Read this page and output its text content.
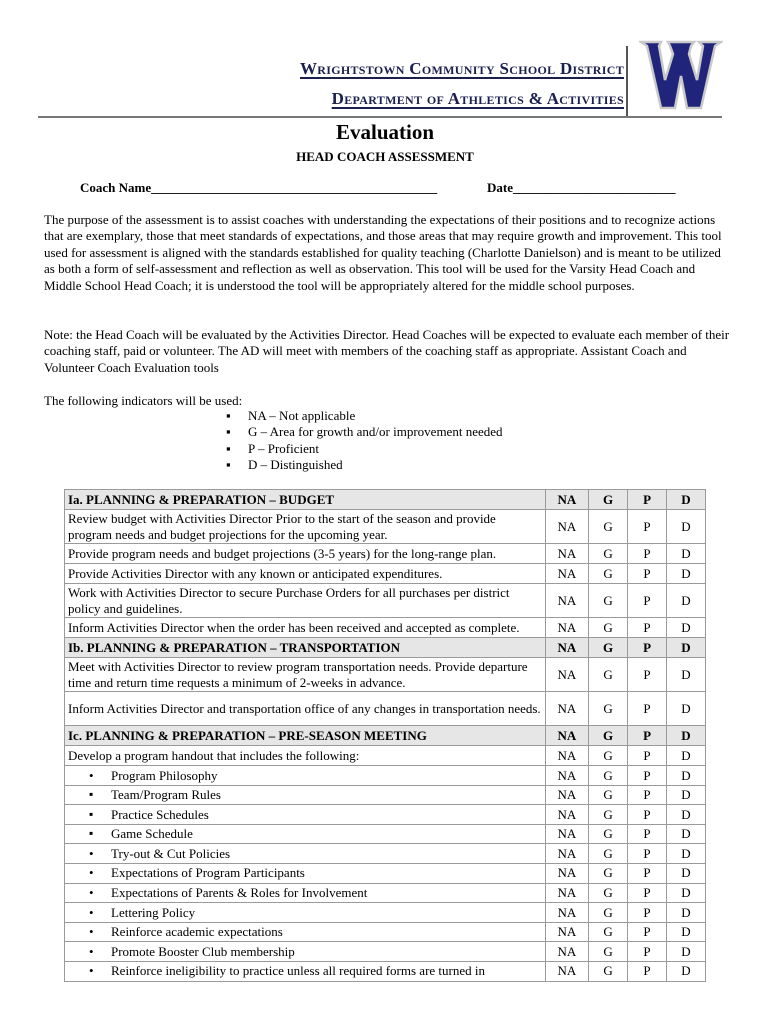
Wrightstown Community School District
Department of Athletics & Activities
Evaluation
HEAD COACH ASSESSMENT
Coach Name____________________________________________	Date_________________________
The purpose of the assessment is to assist coaches with understanding the expectations of their positions and to recognize actions that are exemplary, those that meet standards of expectations, and those areas that may require growth and improvement. This tool used for assessment is aligned with the standards established for quality teaching (Charlotte Danielson) and is meant to be utilized as both a form of self-assessment and reflection as well as observation. This tool will be used for the Varsity Head Coach and Middle School Head Coach; it is understood the tool will be appropriately altered for the middle school purposes.
Note: the Head Coach will be evaluated by the Activities Director. Head Coaches will be expected to evaluate each member of their coaching staff, paid or volunteer. The AD will meet with members of the coaching staff as appropriate. Assistant Coach and Volunteer Coach Evaluation tools
The following indicators will be used:
▪ NA – Not applicable
▪ G – Area for growth and/or improvement needed
▪ P – Proficient
▪ D – Distinguished
Ia. PLANNING & PREPARATION – BUDGET	NA	G	P	D
Review budget with Activities Director Prior to the start of the season and provide program needs and budget projections for the upcoming year.	NA	G	P	D
Provide program needs and budget projections (3-5 years) for the long-range plan.	NA	G	P	D
Provide Activities Director with any known or anticipated expenditures.	NA	G	P	D
Work with Activities Director to secure Purchase Orders for all purchases per district policy and guidelines.	NA	G	P	D
Inform Activities Director when the order has been received and accepted as complete.	NA	G	P	D
Ib. PLANNING & PREPARATION – TRANSPORTATION	NA	G	P	D
Meet with Activities Director to review program transportation needs. Provide departure time and return time requests a minimum of 2-weeks in advance.	NA	G	P	D
Inform Activities Director and transportation office of any changes in transportation needs.	NA	G	P	D
Ic. PLANNING & PREPARATION – PRE-SEASON MEETING	NA	G	P	D
Develop a program handout that includes the following:	NA	G	P	D
• Program Philosophy	NA	G	P	D
▪ Team/Program Rules	NA	G	P	D
▪ Practice Schedules	NA	G	P	D
▪ Game Schedule	NA	G	P	D
• Try-out & Cut Policies	NA	G	P	D
• Expectations of Program Participants	NA	G	P	D
• Expectations of Parents & Roles for Involvement	NA	G	P	D
• Lettering Policy	NA	G	P	D
• Reinforce academic expectations	NA	G	P	D
• Promote Booster Club membership	NA	G	P	D
• Reinforce ineligibility to practice unless all required forms are turned in	NA	G	P	D
